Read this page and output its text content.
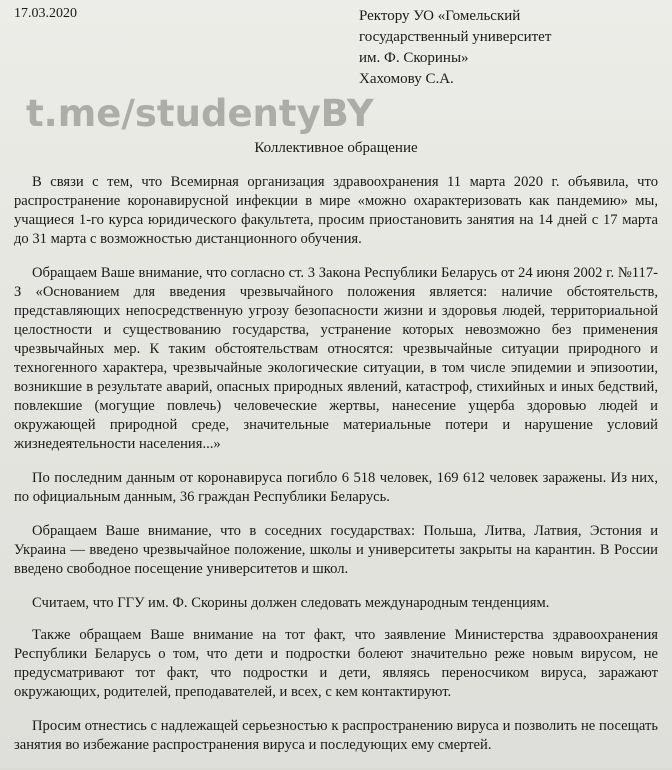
17.03.2020	Ректору УО «Гомельский
государственный университет
им. Ф. Скорины»
Хахомову С.А.
t.me/studentyBY
Коллективное обращение

В связи с тем, что Всемирная организация здравоохранения 11 марта 2020 г. объявила, что распространение коронавирусной инфекции в мире «можно охарактеризовать как пандемию» мы, учащиеся 1-го курса юридического факультета, просим приостановить занятия на 14 дней с 17 марта до 31 марта с возможностью дистанционного обучения.

Обращаем Ваше внимание, что согласно ст. 3 Закона Республики Беларусь от 24 июня 2002 г. №117-З «Основанием для введения чрезвычайного положения является: наличие обстоятельств, представляющих непосредственную угрозу безопасности жизни и здоровья людей, территориальной целостности и существованию государства, устранение которых невозможно без применения чрезвычайных мер. К таким обстоятельствам относятся: чрезвычайные ситуации природного и техногенного характера, чрезвычайные экологические ситуации, в том числе эпидемии и эпизоотии, возникшие в результате аварий, опасных природных явлений, катастроф, стихийных и иных бедствий, повлекшие (могущие повлечь) человеческие жертвы, нанесение ущерба здоровью людей и окружающей природной среде, значительные материальные потери и нарушение условий жизнедеятельности населения...»

По последним данным от коронавируса погибло 6 518 человек, 169 612 человек заражены. Из них, по официальным данным, 36 граждан Республики Беларусь.

Обращаем Ваше внимание, что в соседних государствах: Польша, Литва, Латвия, Эстония и Украина — введено чрезвычайное положение, школы и университеты закрыты на карантин. В России введено свободное посещение университетов и школ.

Считаем, что ГГУ им. Ф. Скорины должен следовать международным тенденциям.

Также обращаем Ваше внимание на тот факт, что заявление Министерства здравоохранения Республики Беларусь о том, что дети и подростки болеют значительно реже новым вирусом, не предусматривают тот факт, что подростки и дети, являясь переносчиком вируса, заражают окружающих, родителей, преподавателей, и всех, с кем контактируют.

Просим отнестись с надлежащей серьезностью к распространению вируса и позволить не посещать занятия во избежание распространения вируса и последующих ему смертей.
